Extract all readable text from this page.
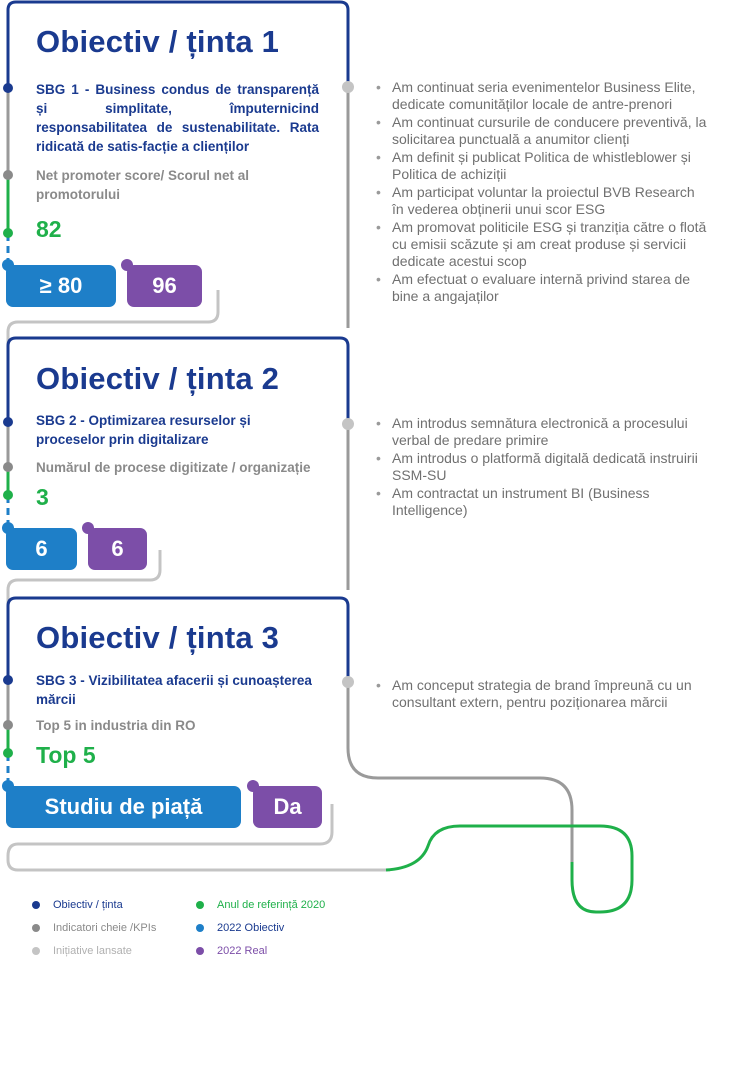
Obiectiv / ținta 1
SBG 1 - Business condus de transparență și simplitate, împuternicind responsabilitatea de sustenabilitate. Rata ridicată de satis-facție a clienților
Net promoter score/ Scorul net al promotorului
82
≥ 80	96
• Am continuat seria evenimentelor Business Elite, dedicate comunităților locale de antre-prenori
• Am continuat cursurile de conducere preventivă, la solicitarea punctuală a anumitor clienți
• Am definit și publicat Politica de whistleblower și Politica de achiziții
• Am participat voluntar la proiectul BVB Research în vederea obținerii unui scor ESG
• Am promovat politicile ESG și tranziția către o flotă cu emisii scăzute și am creat produse și servicii dedicate acestui scop
• Am efectuat o evaluare internă privind starea de bine a angajaților
Obiectiv / ținta 2
SBG 2 - Optimizarea resurselor și proceselor prin digitalizare
Numărul de procese digitizate / organizație
3
6	6
• Am introdus semnătura electronică a procesului verbal de predare primire
• Am introdus o platformă digitală dedicată instruirii SSM-SU
• Am contractat un instrument BI (Business Intelligence)
Obiectiv / ținta 3
SBG 3 - Vizibilitatea afacerii și cunoașterea mărcii
Top 5 in industria din RO
Top 5
Studiu de piață	Da
• Am conceput strategia de brand împreună cu un consultant extern, pentru poziționarea mărcii
Obiectiv / ținta
Indicatori cheie /KPIs
Inițiative lansate
Anul de referință 2020
2022 Obiectiv
2022 Real
